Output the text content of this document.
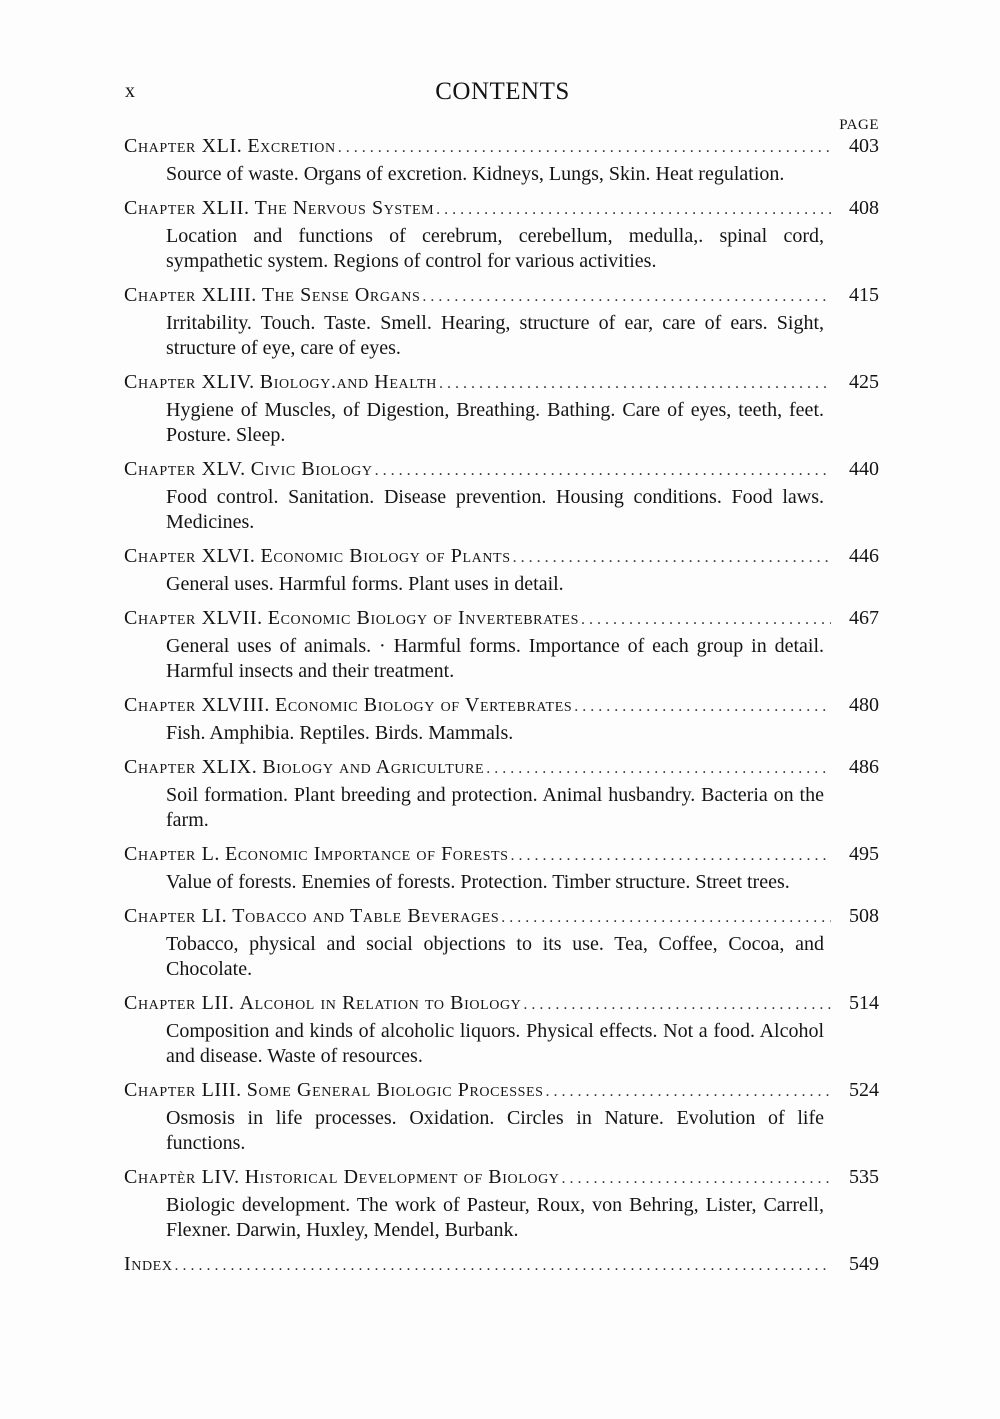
x	CONTENTS
PAGE
Chapter XLI.
Excretion . . .	403
Source of waste. Organs of excretion. Kidneys, Lungs, Skin. Heat regulation.
Chapter XLII.
The Nervous System . . .	408
Location and functions of cerebrum, cerebellum, medulla,. spinal cord, sympathetic system. Regions of control for various activities.
Chapter XLIII.
The Sense Organs . . .	415
Irritability. Touch. Taste. Smell. Hearing, structure of ear, care of ears. Sight, structure of eye, care of eyes.
Chapter XLIV.
Biology.and Health . . .	425
Hygiene of Muscles, of Digestion, Breathing. Bathing. Care of eyes, teeth, feet. Posture. Sleep.
Chapter XLV.
Civic Biology . . .	440
Food control. Sanitation. Disease prevention. Housing conditions. Food laws. Medicines.
Chapter XLVI.
Economic Biology of Plants . . .	446
General uses. Harmful forms. Plant uses in detail.
Chapter XLVII.
Economic Biology of Invertebrates . . .	467
General uses of animals. · Harmful forms. Importance of each group in detail. Harmful insects and their treatment.
Chapter XLVIII.
Economic Biology of Vertebrates . . .	480
Fish. Amphibia. Reptiles. Birds. Mammals.
Chapter XLIX.
Biology and Agriculture . . .	486
Soil formation. Plant breeding and protection. Animal husbandry. Bacteria on the farm.
Chapter L.
Economic Importance of Forests . . .	495
Value of forests. Enemies of forests. Protection. Timber structure. Street trees.
Chapter LI.
Tobacco and Table Beverages . . .	508
Tobacco, physical and social objections to its use. Tea, Coffee, Cocoa, and Chocolate.
Chapter LII.
Alcohol in Relation to Biology . . .	514
Composition and kinds of alcoholic liquors. Physical effects. Not a food. Alcohol and disease. Waste of resources.
Chapter LIII.
Some General Biologic Processes . . .	524
Osmosis in life processes. Oxidation. Circles in Nature. Evolution of life functions.
Chaptèr LIV.
Historical Development of Biology . . .	535
Biologic development. The work of Pasteur, Roux, von Behring, Lister, Carrell, Flexner. Darwin, Huxley, Mendel, Burbank.
Index . . .	549
